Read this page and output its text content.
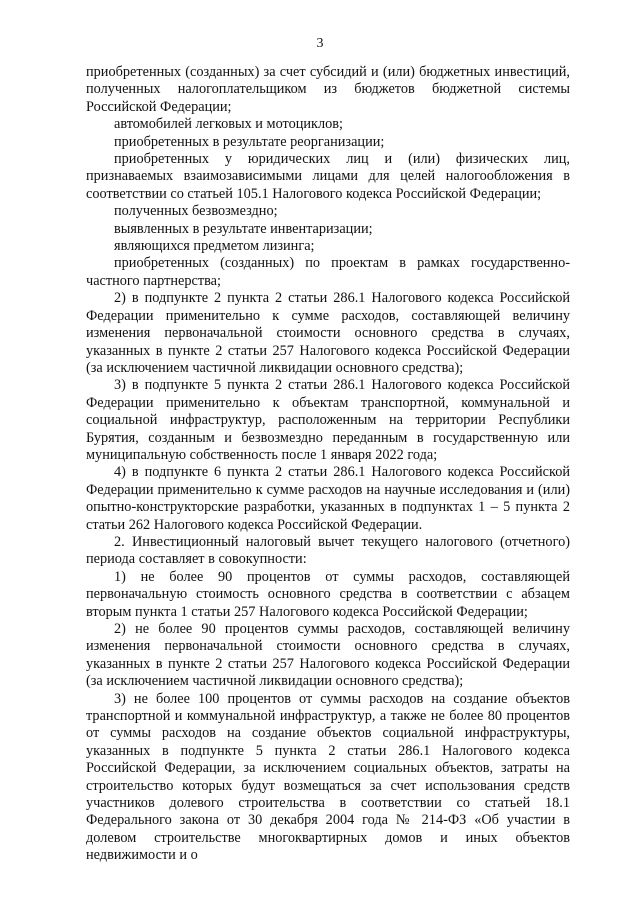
3

приобретенных (созданных) за счет субсидий и (или) бюджетных инвестиций, полученных налогоплательщиком из бюджетов бюджетной системы Российской Федерации;

автомобилей легковых и мотоциклов;

приобретенных в результате реорганизации;

приобретенных у юридических лиц и (или) физических лиц, признаваемых взаимозависимыми лицами для целей налогообложения в соответствии со статьей 105.1 Налогового кодекса Российской Федерации;

полученных безвозмездно;

выявленных в результате инвентаризации;

являющихся предметом лизинга;

приобретенных (созданных) по проектам в рамках государственно-частного партнерства;

2) в подпункте 2 пункта 2 статьи 286.1 Налогового кодекса Российской Федерации применительно к сумме расходов, составляющей величину изменения первоначальной стоимости основного средства в случаях, указанных в пункте 2 статьи 257 Налогового кодекса Российской Федерации (за исключением частичной ликвидации основного средства);

3) в подпункте 5 пункта 2 статьи 286.1 Налогового кодекса Российской Федерации применительно к объектам транспортной, коммунальной и социальной инфраструктур, расположенным на территории Республики Бурятия, созданным и безвозмездно переданным в государственную или муниципальную собственность после 1 января 2022 года;

4) в подпункте 6 пункта 2 статьи 286.1 Налогового кодекса Российской Федерации применительно к сумме расходов на научные исследования и (или) опытно-конструкторские разработки, указанных в подпунктах 1 – 5 пункта 2 статьи 262 Налогового кодекса Российской Федерации.

2. Инвестиционный налоговый вычет текущего налогового (отчетного) периода составляет в совокупности:

1) не более 90 процентов от суммы расходов, составляющей первоначальную стоимость основного средства в соответствии с абзацем вторым пункта 1 статьи 257 Налогового кодекса Российской Федерации;

2) не более 90 процентов суммы расходов, составляющей величину изменения первоначальной стоимости основного средства в случаях, указанных в пункте 2 статьи 257 Налогового кодекса Российской Федерации (за исключением частичной ликвидации основного средства);

3) не более 100 процентов от суммы расходов на создание объектов транспортной и коммунальной инфраструктур, а также не более 80 процентов от суммы расходов на создание объектов социальной инфраструктуры, указанных в подпункте 5 пункта 2 статьи 286.1 Налогового кодекса Российской Федерации, за исключением социальных объектов, затраты на строительство которых будут возмещаться за счет использования средств участников долевого строительства в соответствии со статьей 18.1 Федерального закона от 30 декабря 2004 года № 214-ФЗ «Об участии в долевом строительстве многоквартирных домов и иных объектов недвижимости и о
